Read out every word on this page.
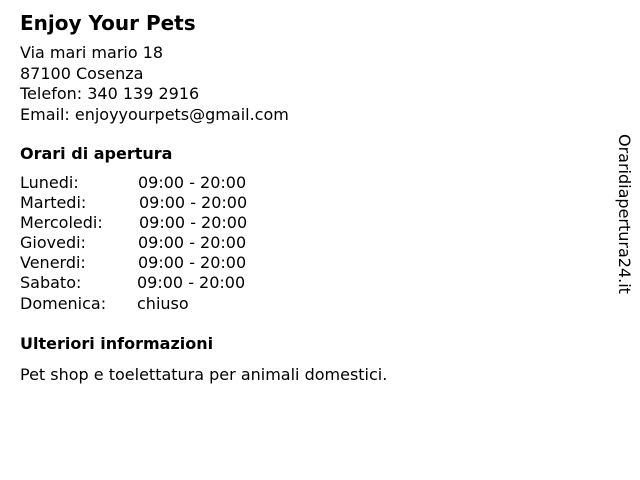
Enjoy Your Pets
Via mari mario 18
87100 Cosenza
Telefon: 340 139 2916
Email: enjoyyourpets@gmail.com
Orari di apertura
Lunedi:	09:00 - 20:00
Martedi:	09:00 - 20:00
Mercoledi: 09:00 - 20:00
Giovedi:	09:00 - 20:00
Venerdi:	09:00 - 20:00
Sabato:	09:00 - 20:00
Domenica: chiuso
Ulteriori informazioni
Pet shop e toelettatura per animali domestici.
Oraridiapertura24.it
